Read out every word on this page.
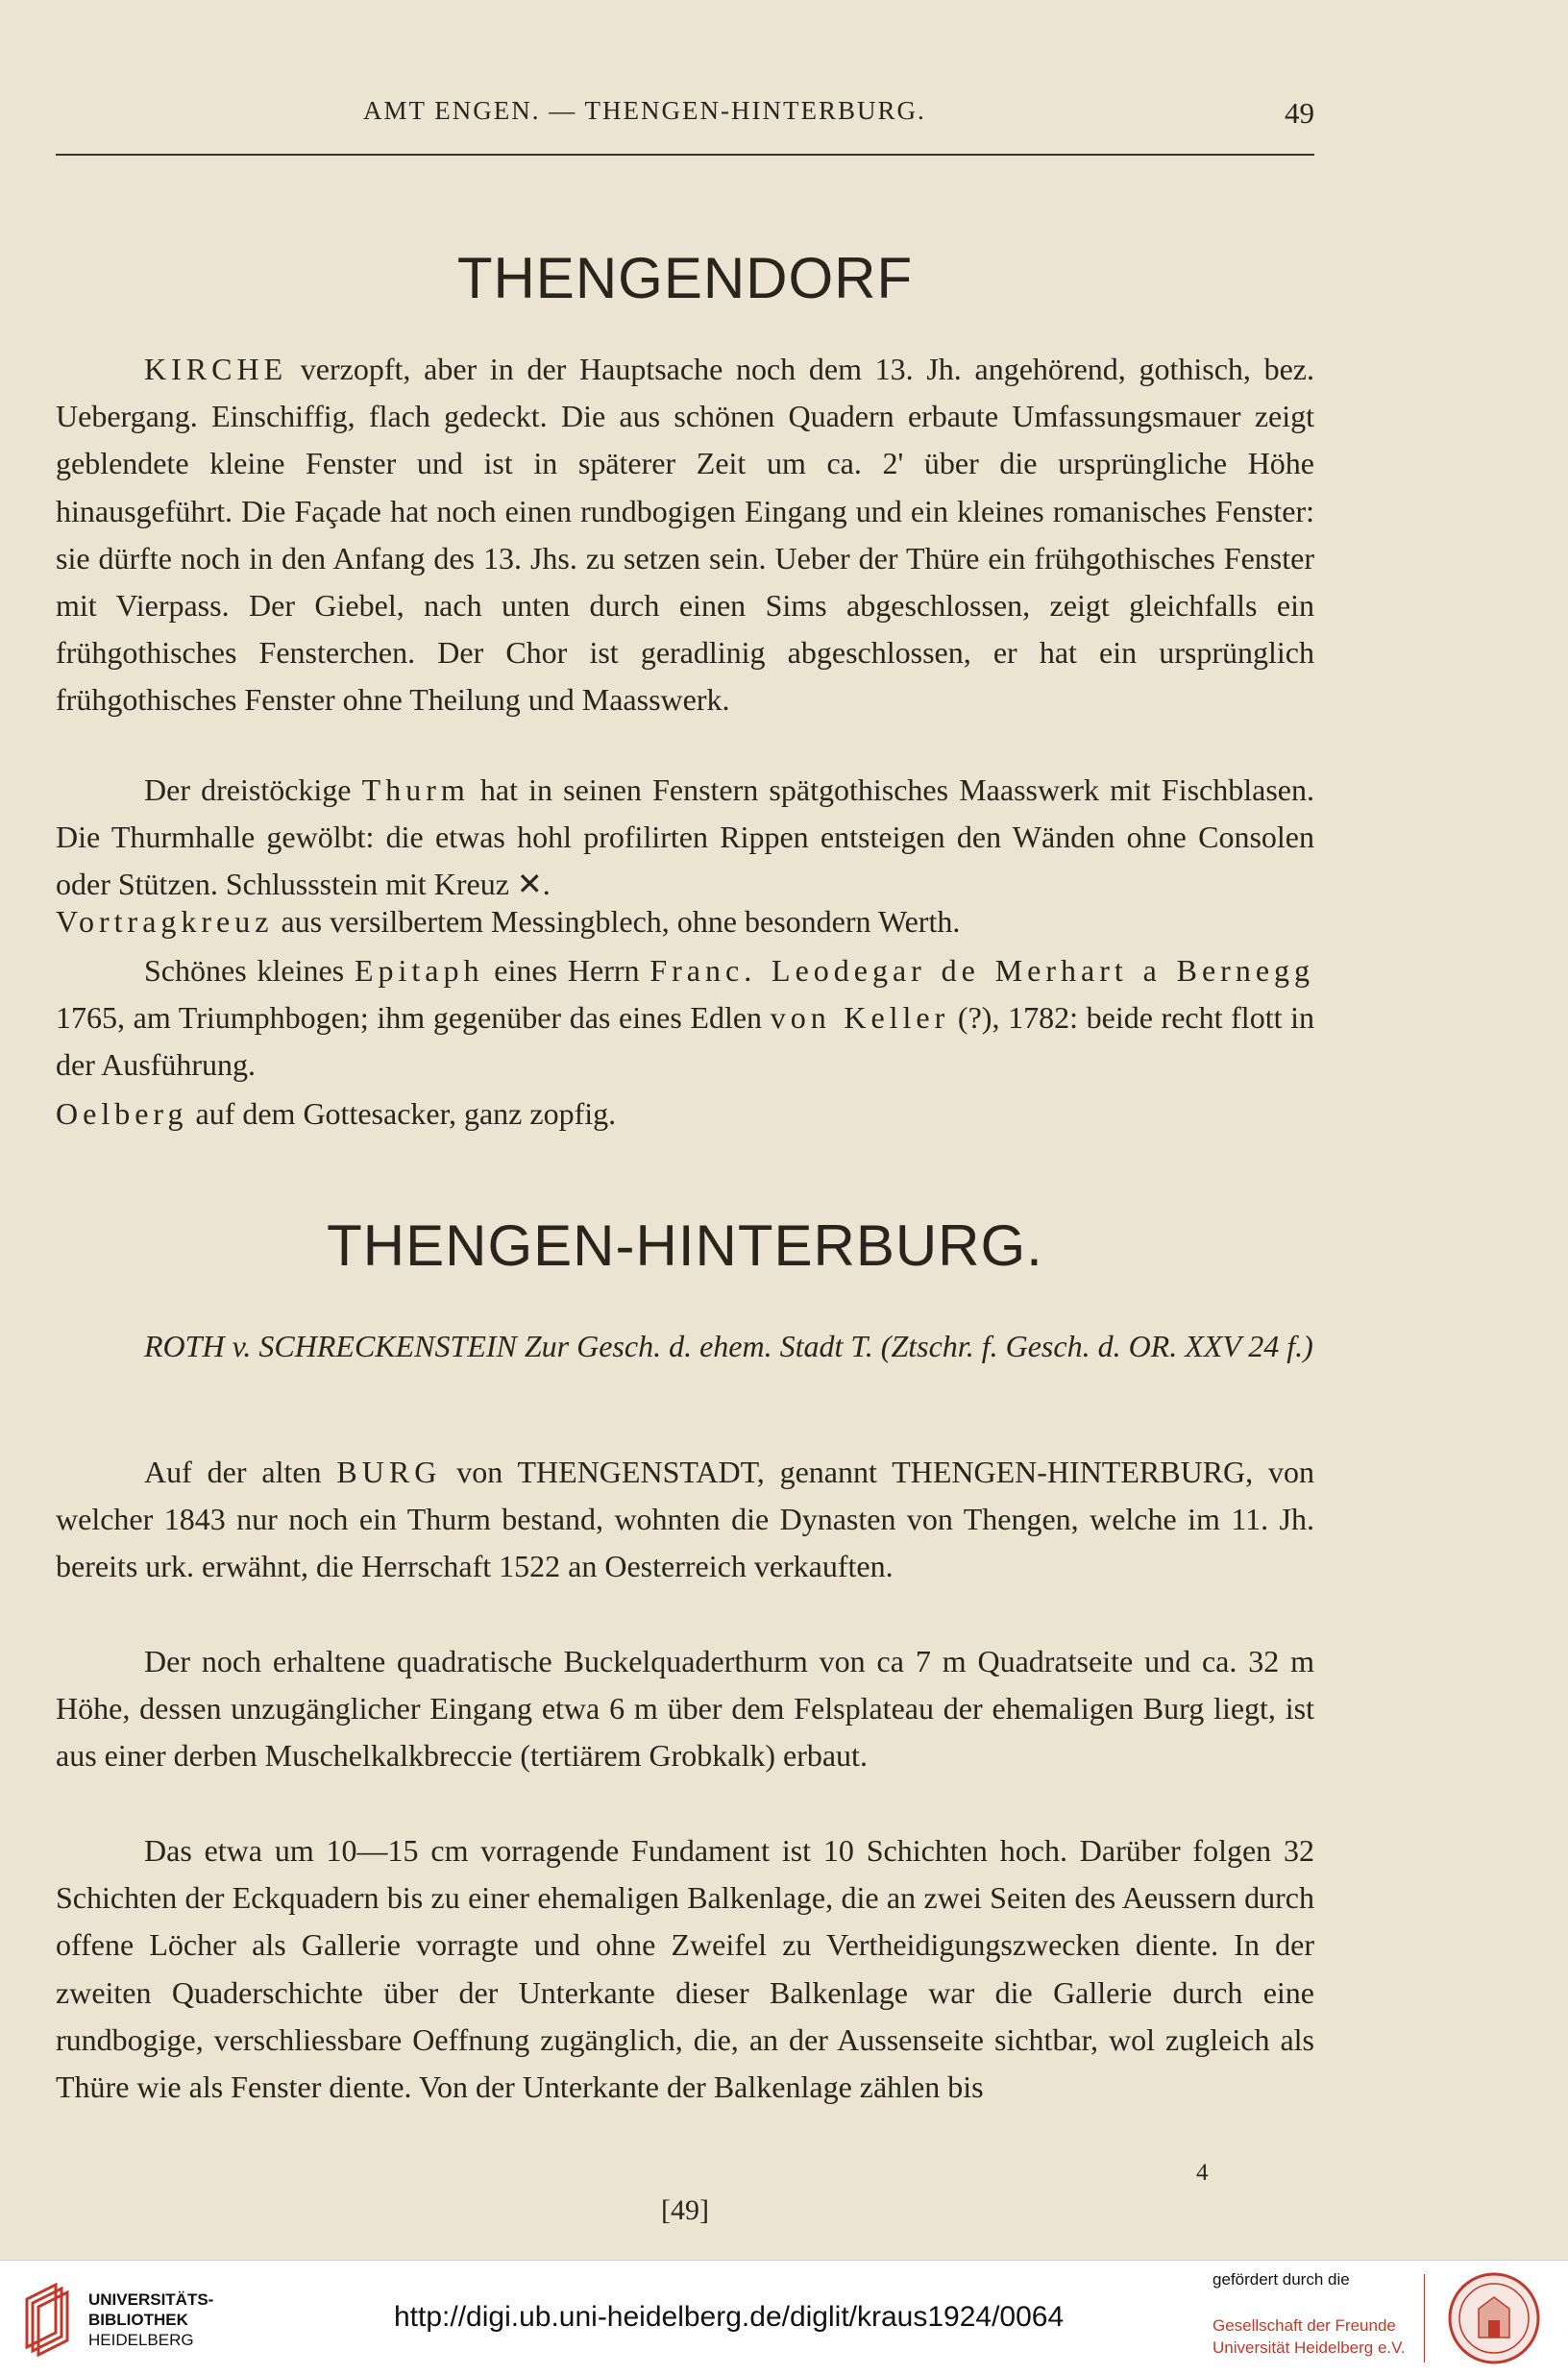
AMT ENGEN. — THENGEN-HINTERBURG.	49
THENGENDORF

KIRCHE verzopft, aber in der Hauptsache noch dem 13. Jh. angehörend, gothisch, bez. Uebergang. Einschiffig, flach gedeckt. Die aus schönen Quadern erbaute Umfassungsmauer zeigt geblendete kleine Fenster und ist in späterer Zeit um ca. 2' über die ursprüngliche Höhe hinausgeführt. Die Façade hat noch einen rundbogigen Eingang und ein kleines romanisches Fenster: sie dürfte noch in den Anfang des 13. Jhs. zu setzen sein. Ueber der Thüre ein frühgothisches Fenster mit Vierpass. Der Giebel, nach unten durch einen Sims abgeschlossen, zeigt gleichfalls ein frühgothisches Fensterchen. Der Chor ist geradlinig abgeschlossen, er hat ein ursprünglich frühgothisches Fenster ohne Theilung und Maasswerk.

Der dreistöckige Thurm hat in seinen Fenstern spätgothisches Maasswerk mit Fischblasen. Die Thurmhalle gewölbt: die etwas hohl profilirten Rippen entsteigen den Wänden ohne Consolen oder Stützen. Schlussstein mit Kreuz ✕.

Vortragkreuz aus versilbertem Messingblech, ohne besondern Werth.

Schönes kleines Epitaph eines Herrn Franc. Leodegar de Merhart a Bernegg 1765, am Triumphbogen; ihm gegenüber das eines Edlen von Keller (?), 1782: beide recht flott in der Ausführung.

Oelberg auf dem Gottesacker, ganz zopfig.

THENGEN-HINTERBURG.

ROTH v. SCHRECKENSTEIN Zur Gesch. d. ehem. Stadt T. (Ztschr. f. Gesch. d. OR. XXV 24 f.)

Auf der alten BURG von THENGENSTADT, genannt THENGEN-HINTERBURG, von welcher 1843 nur noch ein Thurm bestand, wohnten die Dynasten von Thengen, welche im 11. Jh. bereits urk. erwähnt, die Herrschaft 1522 an Oesterreich verkauften.

Der noch erhaltene quadratische Buckelquaderthurm von ca 7 m Quadratseite und ca. 32 m Höhe, dessen unzugänglicher Eingang etwa 6 m über dem Felsplateau der ehemaligen Burg liegt, ist aus einer derben Muschelkalkbreccie (tertiärem Grobkalk) erbaut.

Das etwa um 10—15 cm vorragende Fundament ist 10 Schichten hoch. Darüber folgen 32 Schichten der Eckquadern bis zu einer ehemaligen Balkenlage, die an zwei Seiten des Aeussern durch offene Löcher als Gallerie vorragte und ohne Zweifel zu Vertheidigungszwecken diente. In der zweiten Quaderschichte über der Unterkante dieser Balkenlage war die Gallerie durch eine rundbogige, verschliessbare Oeffnung zugänglich, die, an der Aussenseite sichtbar, wol zugleich als Thüre wie als Fenster diente. Von der Unterkante der Balkenlage zählen bis

4
[49]
UNIVERSITÄTS-
BIBLIOTHEK
HEIDELBERG
http://digi.ub.uni-heidelberg.de/diglit/kraus1924/0064
gefördert durch die
Gesellschaft der Freunde
Universität Heidelberg e.V.
